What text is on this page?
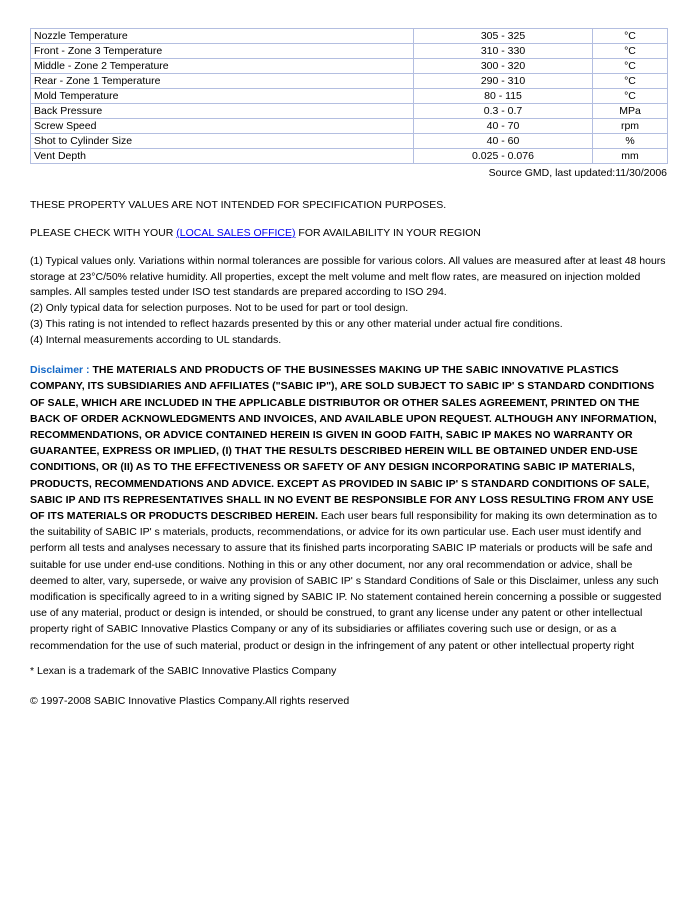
Nozzle Temperature	305 - 325	°C
Front - Zone 3 Temperature	310 - 330	°C
Middle - Zone 2 Temperature	300 - 320	°C
Rear - Zone 1 Temperature	290 - 310	°C
Mold Temperature	80 - 115	°C
Back Pressure	0.3 - 0.7	MPa
Screw Speed	40 - 70	rpm
Shot to Cylinder Size	40 - 60	%
Vent Depth	0.025 - 0.076	mm
Source GMD, last updated:11/30/2006
THESE PROPERTY VALUES ARE NOT INTENDED FOR SPECIFICATION PURPOSES.
PLEASE CHECK WITH YOUR (LOCAL SALES OFFICE) FOR AVAILABILITY IN YOUR REGION

(1) Typical values only. Variations within normal tolerances are possible for various colors. All values are measured after at least 48 hours storage at 23°C/50% relative humidity. All properties, except the melt volume and melt flow rates, are measured on injection molded samples. All samples tested under ISO test standards are prepared according to ISO 294.

(2) Only typical data for selection purposes. Not to be used for part or tool design.

(3) This rating is not intended to reflect hazards presented by this or any other material under actual fire conditions.

(4) Internal measurements according to UL standards.

Disclaimer : THE MATERIALS AND PRODUCTS OF THE BUSINESSES MAKING UP THE SABIC INNOVATIVE PLASTICS COMPANY, ITS SUBSIDIARIES AND AFFILIATES ("SABIC IP"), ARE SOLD SUBJECT TO SABIC IP' S STANDARD CONDITIONS OF SALE, WHICH ARE INCLUDED IN THE APPLICABLE DISTRIBUTOR OR OTHER SALES AGREEMENT, PRINTED ON THE BACK OF ORDER ACKNOWLEDGMENTS AND INVOICES, AND AVAILABLE UPON REQUEST. ALTHOUGH ANY INFORMATION, RECOMMENDATIONS, OR ADVICE CONTAINED HEREIN IS GIVEN IN GOOD FAITH, SABIC IP MAKES NO WARRANTY OR GUARANTEE, EXPRESS OR IMPLIED, (I) THAT THE RESULTS DESCRIBED HEREIN WILL BE OBTAINED UNDER END-USE CONDITIONS, OR (II) AS TO THE EFFECTIVENESS OR SAFETY OF ANY DESIGN INCORPORATING SABIC IP MATERIALS, PRODUCTS, RECOMMENDATIONS AND ADVICE. EXCEPT AS PROVIDED IN SABIC IP' S STANDARD CONDITIONS OF SALE, SABIC IP AND ITS REPRESENTATIVES SHALL IN NO EVENT BE RESPONSIBLE FOR ANY LOSS RESULTING FROM ANY USE OF ITS MATERIALS OR PRODUCTS DESCRIBED HEREIN. Each user bears full responsibility for making its own determination as to the suitability of SABIC IP' s materials, products, recommendations, or advice for its own particular use. Each user must identify and perform all tests and analyses necessary to assure that its finished parts incorporating SABIC IP materials or products will be safe and suitable for use under end-use conditions. Nothing in this or any other document, nor any oral recommendation or advice, shall be deemed to alter, vary, supersede, or waive any provision of SABIC IP' s Standard Conditions of Sale or this Disclaimer, unless any such modification is specifically agreed to in a writing signed by SABIC IP. No statement contained herein concerning a possible or suggested use of any material, product or design is intended, or should be construed, to grant any license under any patent or other intellectual property right of SABIC Innovative Plastics Company or any of its subsidiaries or affiliates covering such use or design, or as a recommendation for the use of such material, product or design in the infringement of any patent or other intellectual property right
* Lexan is a trademark of the SABIC Innovative Plastics Company
© 1997-2008 SABIC Innovative Plastics Company.All rights reserved
